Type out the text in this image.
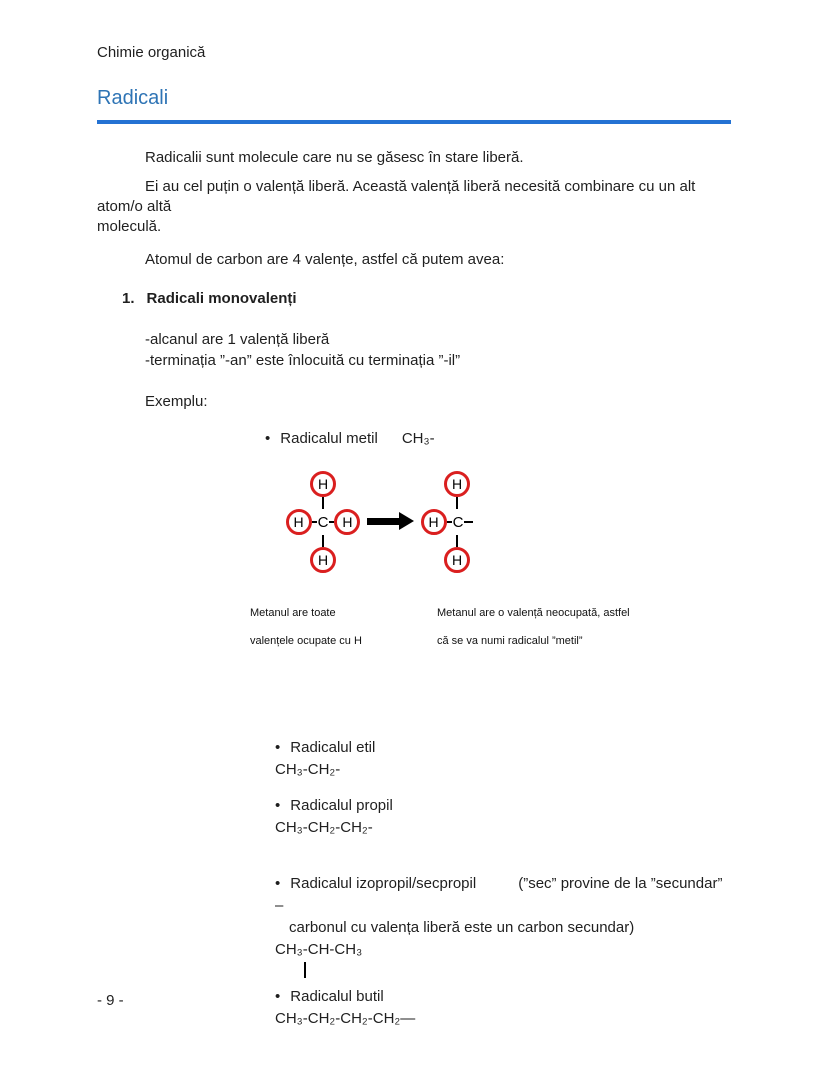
Chimie organică
Radicali
Radicalii sunt molecule care nu se găsesc în stare liberă.
Ei au cel puțin o valență liberă. Această valență liberă necesită combinare cu un alt atom/o altă
moleculă.
Atomul de carbon are 4 valențe, astfel că putem avea:
1. Radicali monovalenți
-alcanul are 1 valență liberă
-terminația ”-an” este înlocuită cu terminația ”-il”
Exemplu:
• Radicalul metil CH₃-
H
H C H
H
H
H C
H
Metanul are toate
valențele ocupate cu H
Metanul are o valență neocupată, astfel
că se va numi radicalul ”metil”
• Radicalul etil
CH₃-CH₂-
• Radicalul propil
CH₃-CH₂-CH₂-
• Radicalul izopropil/secpropil	(”sec” provine de la ”secundar” –
carbonul cu valența liberă este un carbon secundar)
CH₃-CH-CH₃
• Radicalul butil
CH₃-CH₂-CH₂-CH₂—
- 9 -
